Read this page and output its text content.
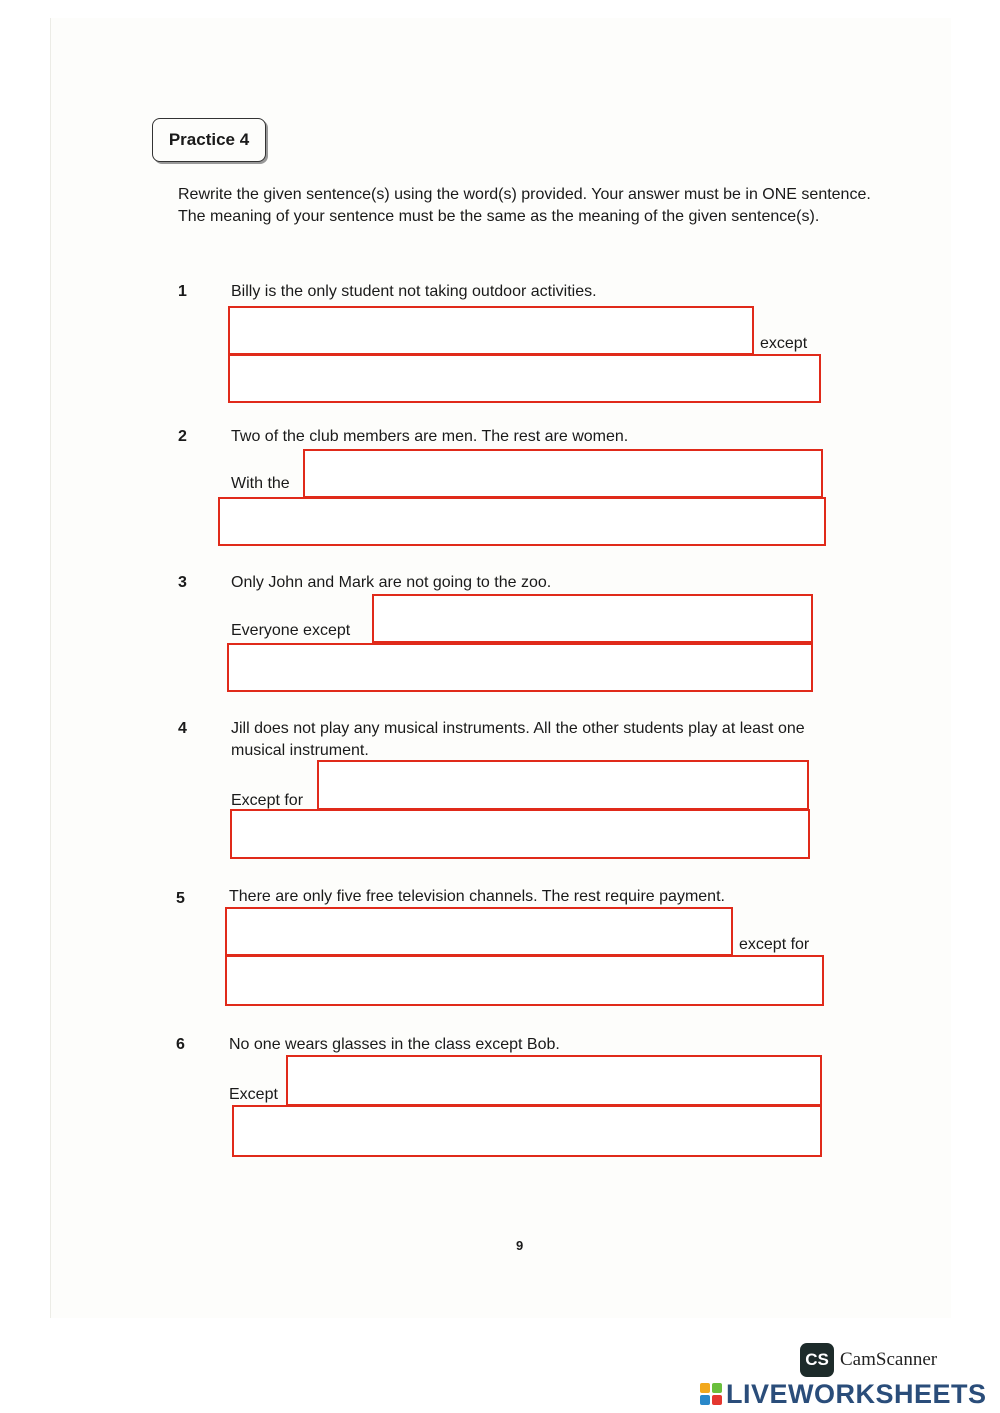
Practice 4
Rewrite the given sentence(s) using the word(s) provided. Your answer must be in ONE sentence. The meaning of your sentence must be the same as the meaning of the given sentence(s).
1	Billy is the only student not taking outdoor activities.
except
2	Two of the club members are men. The rest are women.
With the
3	Only John and Mark are not going to the zoo.
Everyone except
4	Jill does not play any musical instruments. All the other students play at least one musical instrument.
Except for
5	There are only five free television channels. The rest require payment.
except for
6	No one wears glasses in the class except Bob.
Except
9
CS CamScanner
LIVEWORKSHEETS
